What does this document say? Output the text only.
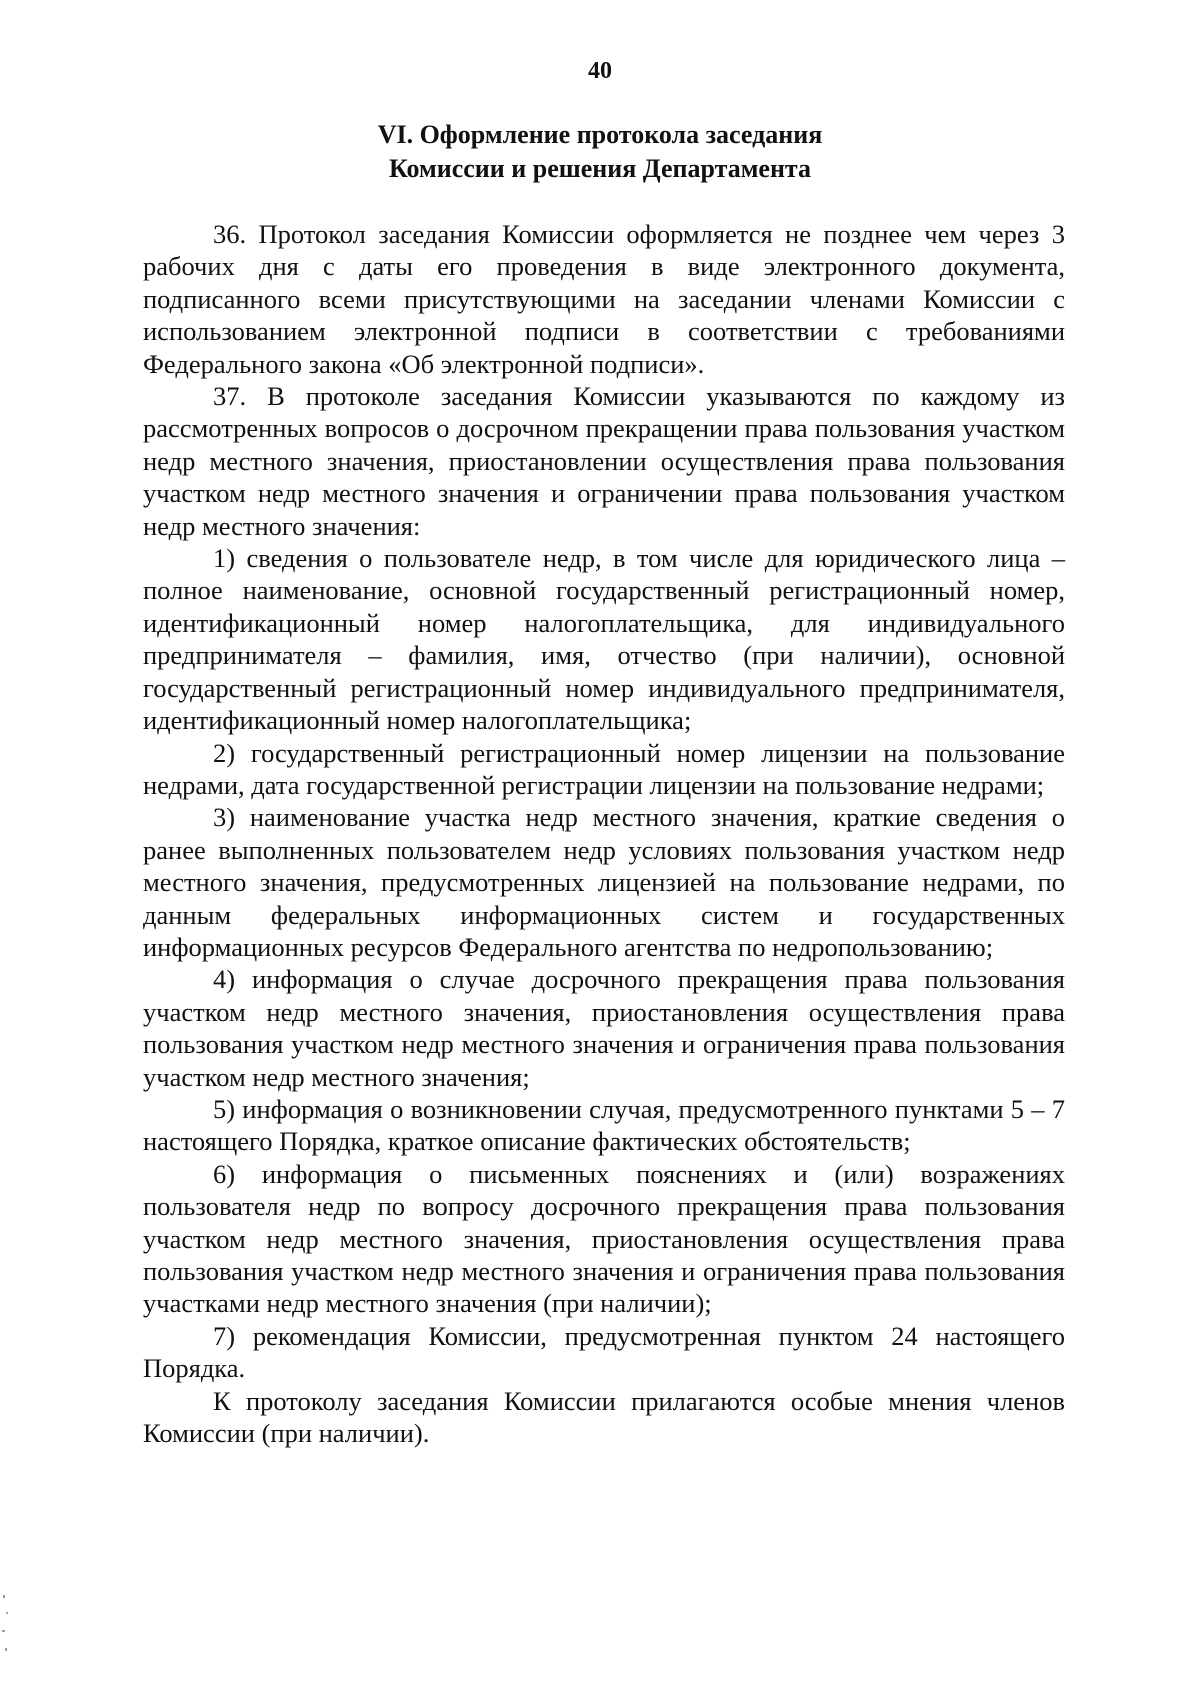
40
VI. Оформление протокола заседания
Комиссии и решения Департамента

36. Протокол заседания Комиссии оформляется не позднее чем через 3 рабочих дня с даты его проведения в виде электронного документа, подписанного всеми присутствующими на заседании членами Комиссии с использованием электронной подписи в соответствии с требованиями Федерального закона «Об электронной подписи».

37. В протоколе заседания Комиссии указываются по каждому из рассмотренных вопросов о досрочном прекращении права пользования участком недр местного значения, приостановлении осуществления права пользования участком недр местного значения и ограничении права пользования участком недр местного значения:

1) сведения о пользователе недр, в том числе для юридического лица – полное наименование, основной государственный регистрационный номер, идентификационный номер налогоплательщика, для индивидуального предпринимателя – фамилия, имя, отчество (при наличии), основной государственный регистрационный номер индивидуального предпринимателя, идентификационный номер налогоплательщика;

2) государственный регистрационный номер лицензии на пользование недрами, дата государственной регистрации лицензии на пользование недрами;

3) наименование участка недр местного значения, краткие сведения о ранее выполненных пользователем недр условиях пользования участком недр местного значения, предусмотренных лицензией на пользование недрами, по данным федеральных информационных систем и государственных информационных ресурсов Федерального агентства по недропользованию;

4) информация о случае досрочного прекращения права пользования участком недр местного значения, приостановления осуществления права пользования участком недр местного значения и ограничения права пользования участком недр местного значения;

5) информация о возникновении случая, предусмотренного пунктами 5 – 7 настоящего Порядка, краткое описание фактических обстоятельств;

6) информация о письменных пояснениях и (или) возражениях пользователя недр по вопросу досрочного прекращения права пользования участком недр местного значения, приостановления осуществления права пользования участком недр местного значения и ограничения права пользования участками недр местного значения (при наличии);

7) рекомендация Комиссии, предусмотренная пунктом 24 настоящего Порядка.

К протоколу заседания Комиссии прилагаются особые мнения членов Комиссии (при наличии).
